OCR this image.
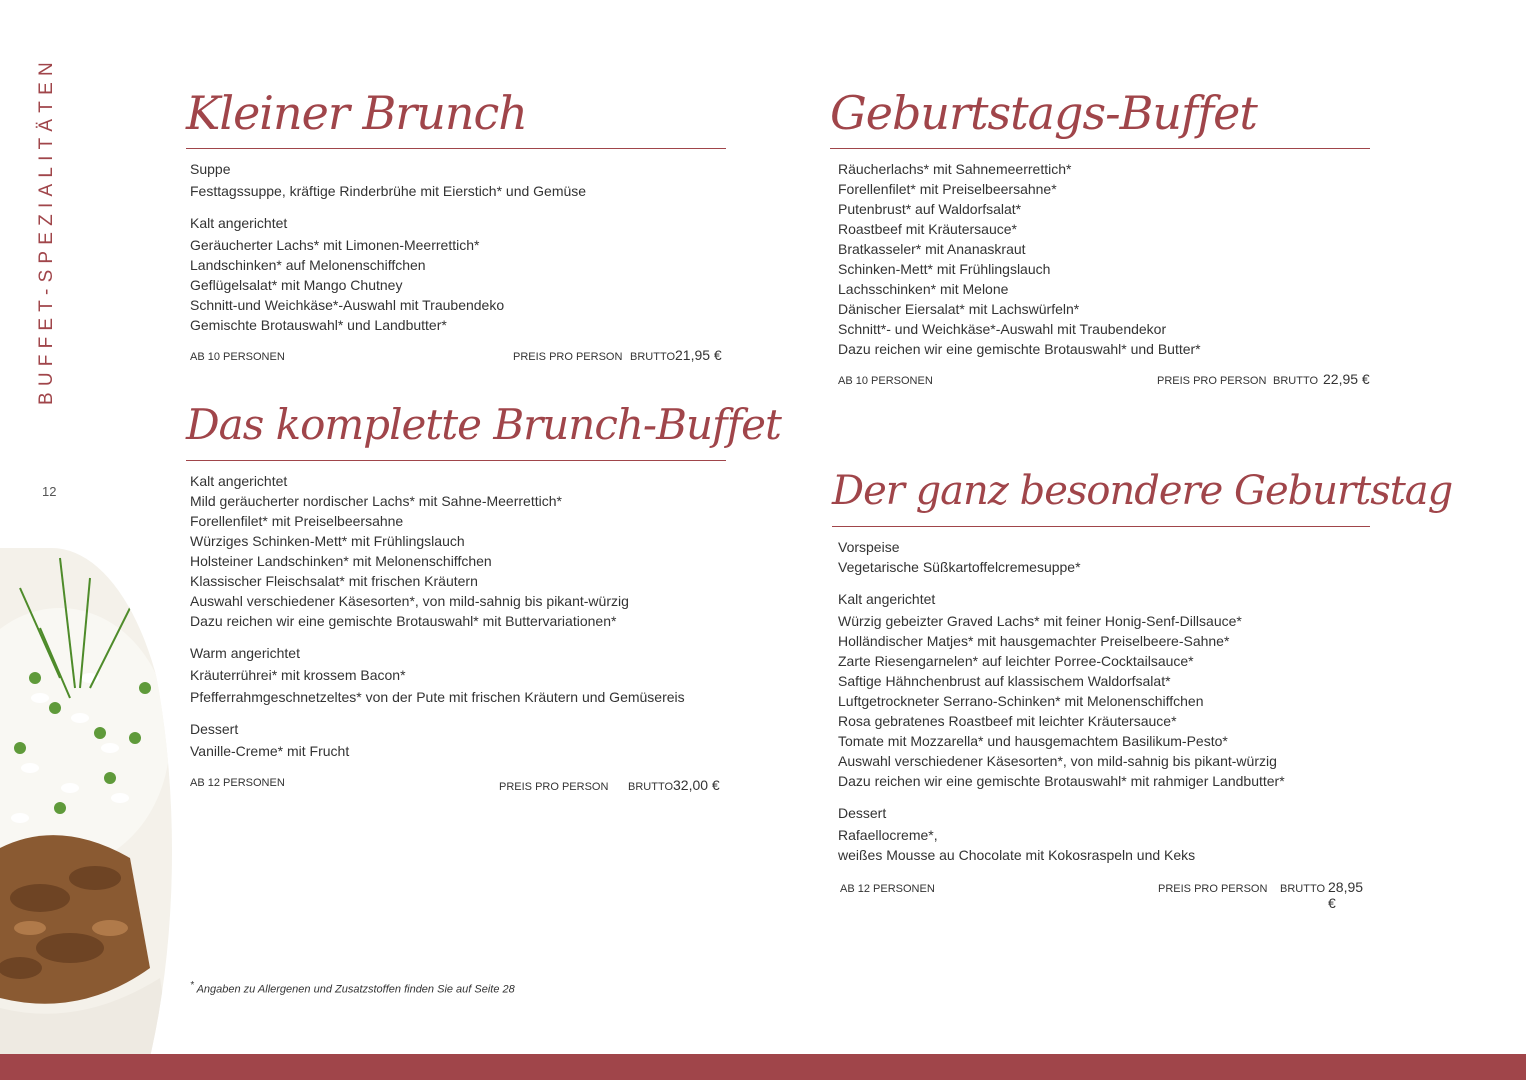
BUFFET-SPEZIALITÄTEN
12
Kleiner Brunch
Suppe
Festtagssuppe, kräftige Rinderbrühe mit Eierstich* und Gemüse
Kalt angerichtet
Geräucherter Lachs* mit Limonen-Meerrettich*
Landschinken* auf Melonenschiffchen
Geflügelsalat* mit Mango Chutney
Schnitt-und Weichkäse*-Auswahl mit Traubendeko
Gemischte Brotauswahl* und Landbutter*
AB 10 PERSONEN	PREIS PRO PERSON BRUTTO 21,95 €
Das komplette Brunch-Buffet
Kalt angerichtet
Mild geräucherter nordischer Lachs* mit Sahne-Meerrettich*
Forellenfilet* mit Preiselbeersahne
Würziges Schinken-Mett* mit Frühlingslauch
Holsteiner Landschinken* mit Melonenschiffchen
Klassischer Fleischsalat* mit frischen Kräutern
Auswahl verschiedener Käsesorten*, von mild-sahnig bis pikant-würzig
Dazu reichen wir eine gemischte Brotauswahl* mit Buttervariationen*
Warm angerichtet
Kräuterrührei* mit krossem Bacon*
Pfefferrahmgeschnetzeltes* von der Pute mit frischen Kräutern und Gemüsereis
Dessert
Vanille-Creme* mit Frucht
AB 12 PERSONEN	PREIS PRO PERSON BRUTTO 32,00 €
Geburtstags-Buffet
Räucherlachs* mit Sahnemeerrettich*
Forellenfilet* mit Preiselbeersahne*
Putenbrust* auf Waldorfsalat*
Roastbeef mit Kräutersauce*
Bratkasseler* mit Ananaskraut
Schinken-Mett* mit Frühlingslauch
Lachsschinken* mit Melone
Dänischer Eiersalat* mit Lachswürfeln*
Schnitt*- und Weichkäse*-Auswahl mit Traubendekor
Dazu reichen wir eine gemischte Brotauswahl* und Butter*
AB 10 PERSONEN	PREIS PRO PERSON BRUTTO 22,95 €
Der ganz besondere Geburtstag
Vorspeise
Vegetarische Süßkartoffelcremesuppe*
Kalt angerichtet
Würzig gebeizter Graved Lachs* mit feiner Honig-Senf-Dillsauce*
Holländischer Matjes* mit hausgemachter Preiselbeere-Sahne*
Zarte Riesengarnelen* auf leichter Porree-Cocktailsauce*
Saftige Hähnchenbrust auf klassischem Waldorfsalat*
Luftgetrockneter Serrano-Schinken* mit Melonenschiffchen
Rosa gebratenes Roastbeef mit leichter Kräutersauce*
Tomate mit Mozzarella* und hausgemachtem Basilikum-Pesto*
Auswahl verschiedener Käsesorten*, von mild-sahnig bis pikant-würzig
Dazu reichen wir eine gemischte Brotauswahl* mit rahmiger Landbutter*
Dessert
Rafaellocreme*,
weißes Mousse au Chocolate mit Kokosraspeln und Keks
AB 12 PERSONEN	PREIS PRO PERSON BRUTTO 28,95 €
* Angaben zu Allergenen und Zusatzstoffen finden Sie auf Seite 28
